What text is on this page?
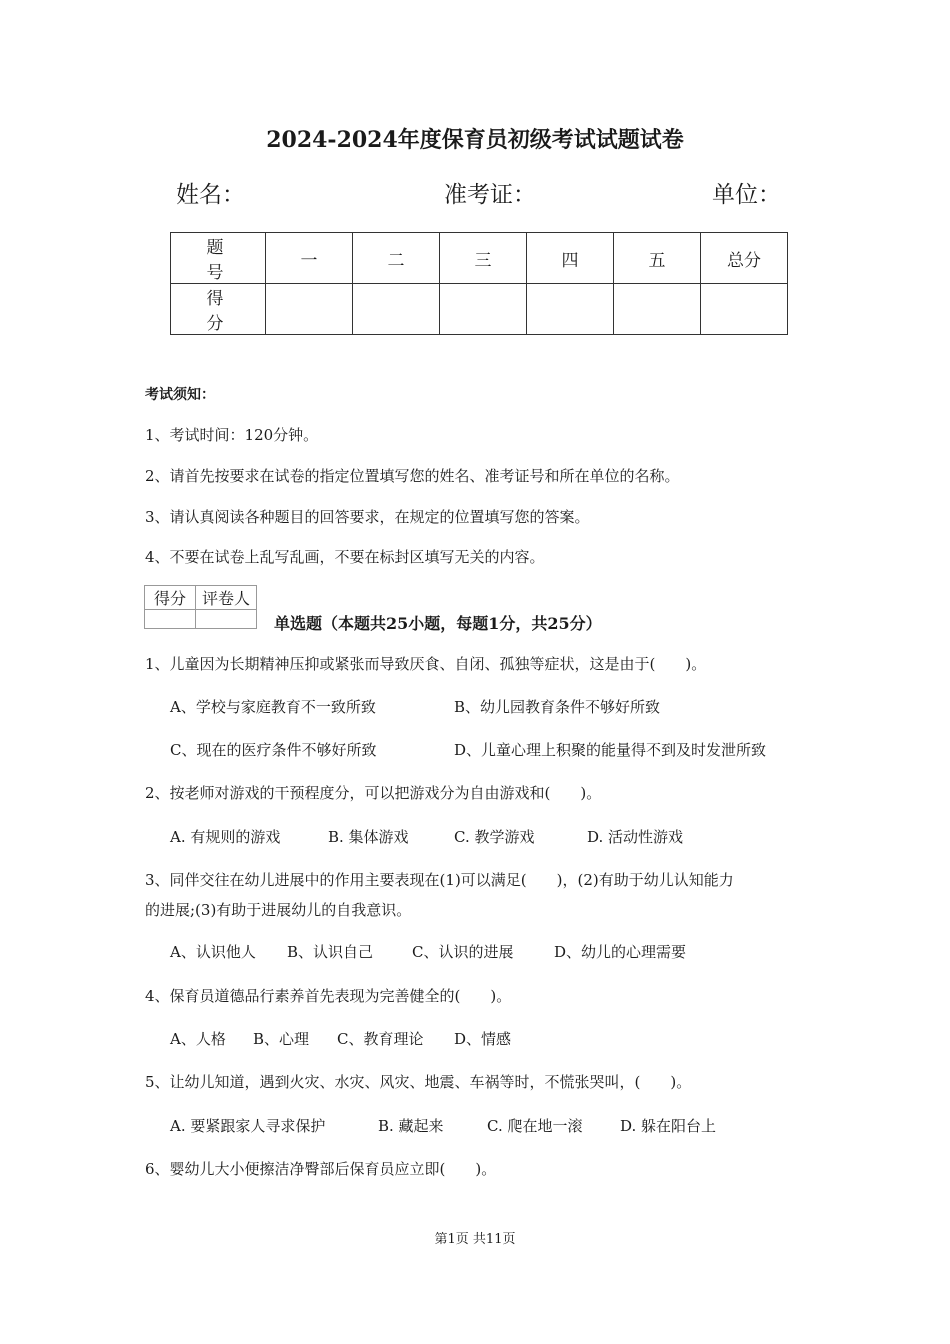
2024-2024年度保育员初级考试试题试卷
姓名：	准考证：	单位：
题　号	一	二	三	四	五	总分
得　分						
考试须知：
1、考试时间：120分钟。
2、请首先按要求在试卷的指定位置填写您的姓名、准考证号和所在单位的名称。
3、请认真阅读各种题目的回答要求，在规定的位置填写您的答案。
4、不要在试卷上乱写乱画，不要在标封区填写无关的内容。
得分	评卷人

单选题（本题共25小题，每题1分，共25分）
1、儿童因为长期精神压抑或紧张而导致厌食、自闭、孤独等症状，这是由于(　　)。
A、学校与家庭教育不一致所致	B、幼儿园教育条件不够好所致
C、现在的医疗条件不够好所致	D、儿童心理上积聚的能量得不到及时发泄所致
2、按老师对游戏的干预程度分，可以把游戏分为自由游戏和(　　)。
A. 有规则的游戏	B. 集体游戏	C. 教学游戏	D. 活动性游戏
3、同伴交往在幼儿进展中的作用主要表现在(1)可以满足(　　)，(2)有助于幼儿认知能力
的进展;(3)有助于进展幼儿的自我意识。
A、认识他人 B、认识自己	C、认识的进展	D、幼儿的心理需要
4、保育员道德品行素养首先表现为完善健全的(　　)。
A、人格 B、心理 C、教育理论 D、情感
5、让幼儿知道，遇到火灾、水灾、风灾、地震、车祸等时，不慌张哭叫，(　　)。
A. 要紧跟家人寻求保护	B. 藏起来	C. 爬在地一滚	D. 躲在阳台上
6、婴幼儿大小便擦洁净臀部后保育员应立即(　　)。
第1页 共11页
